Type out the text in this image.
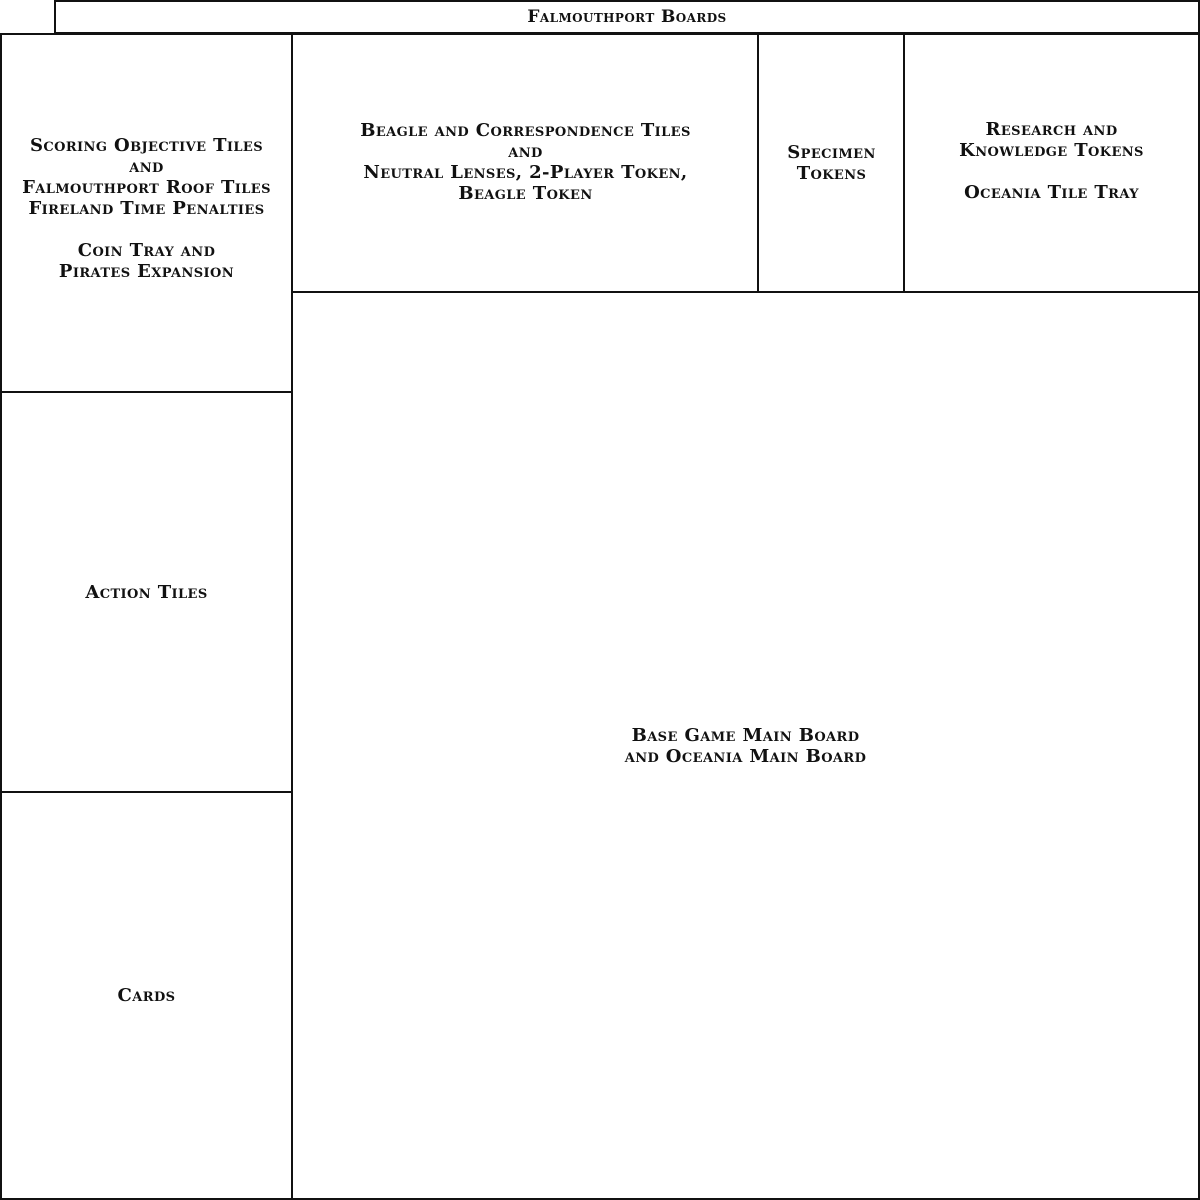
Falmouthport Boards
Scoring Objective Tiles
and
Falmouthport Roof Tiles
Fireland Time Penalties
Coin Tray and
Pirates Expansion
Action Tiles
Cards
Beagle and Correspondence Tiles
and
Neutral Lenses, 2-Player Token,
Beagle Token
Specimen
Tokens
Research and
Knowledge Tokens
Oceania Tile Tray
Base Game Main Board
and Oceania Main Board
